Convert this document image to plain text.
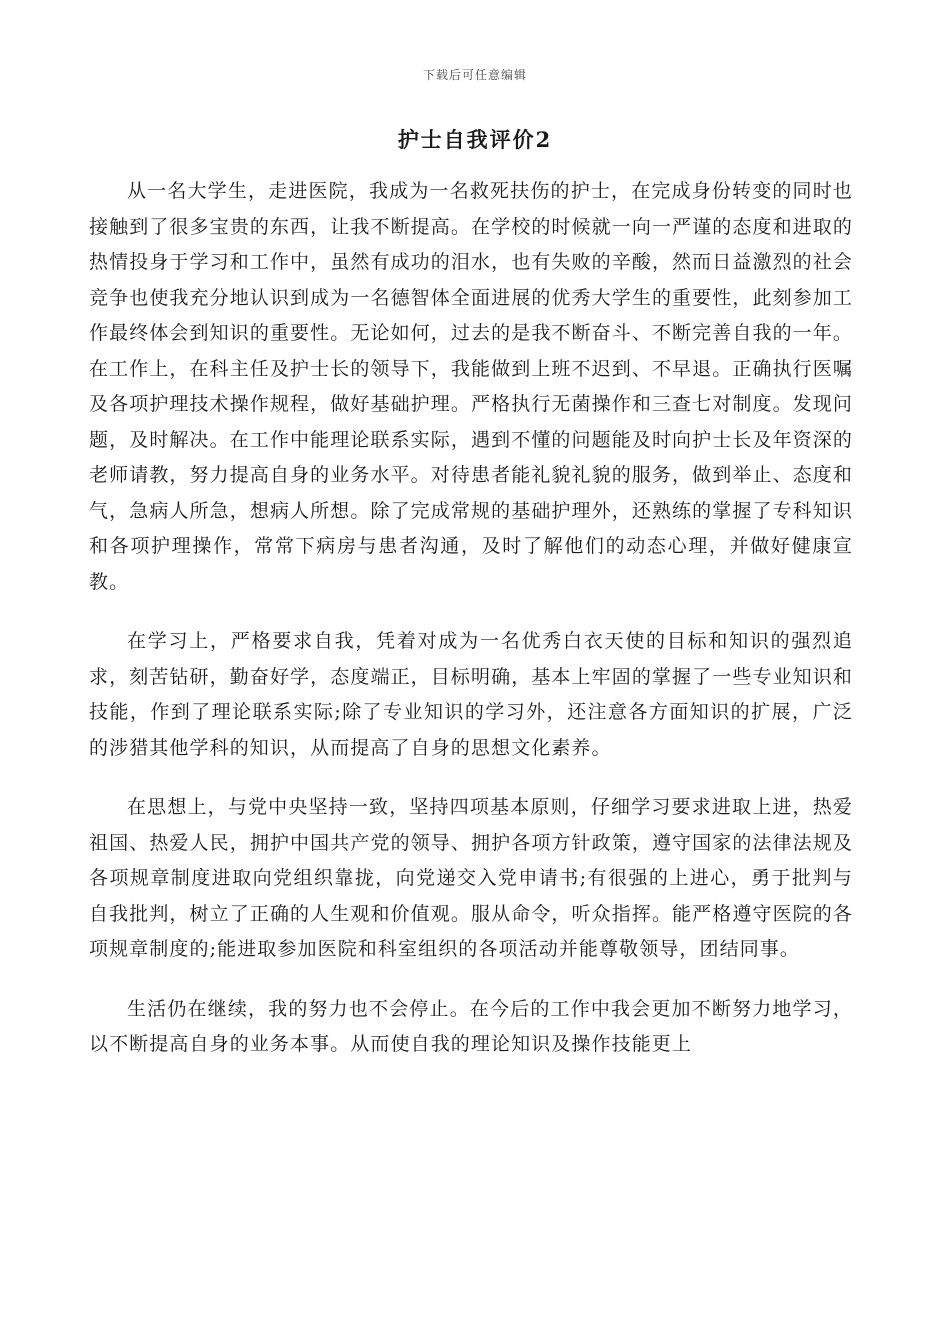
下载后可任意编辑
护士自我评价2

从一名大学生，走进医院，我成为一名救死扶伤的护士，在完成身份转变的同时也接触到了很多宝贵的东西，让我不断提高。在学校的时候就一向一严谨的态度和进取的热情投身于学习和工作中，虽然有成功的泪水，也有失败的辛酸，然而日益激烈的社会竞争也使我充分地认识到成为一名德智体全面进展的优秀大学生的重要性，此刻参加工作最终体会到知识的重要性。无论如何，过去的是我不断奋斗、不断完善自我的一年。在工作上，在科主任及护士长的领导下，我能做到上班不迟到、不早退。正确执行医嘱及各项护理技术操作规程，做好基础护理。严格执行无菌操作和三查七对制度。发现问题，及时解决。在工作中能理论联系实际，遇到不懂的问题能及时向护士长及年资深的老师请教，努力提高自身的业务水平。对待患者能礼貌礼貌的服务，做到举止、态度和气，急病人所急，想病人所想。除了完成常规的基础护理外，还熟练的掌握了专科知识和各项护理操作，常常下病房与患者沟通，及时了解他们的动态心理，并做好健康宣教。

在学习上，严格要求自我，凭着对成为一名优秀白衣天使的目标和知识的强烈追求，刻苦钻研，勤奋好学，态度端正，目标明确，基本上牢固的掌握了一些专业知识和技能，作到了理论联系实际;除了专业知识的学习外，还注意各方面知识的扩展，广泛的涉猎其他学科的知识，从而提高了自身的思想文化素养。

在思想上，与党中央坚持一致，坚持四项基本原则，仔细学习要求进取上进，热爱祖国、热爱人民，拥护中国共产党的领导、拥护各项方针政策，遵守国家的法律法规及各项规章制度进取向党组织靠拢，向党递交入党申请书;有很强的上进心，勇于批判与自我批判，树立了正确的人生观和价值观。服从命令，听众指挥。能严格遵守医院的各项规章制度的;能进取参加医院和科室组织的各项活动并能尊敬领导，团结同事。

生活仍在继续，我的努力也不会停止。在今后的工作中我会更加不断努力地学习，以不断提高自身的业务本事。从而使自我的理论知识及操作技能更上
